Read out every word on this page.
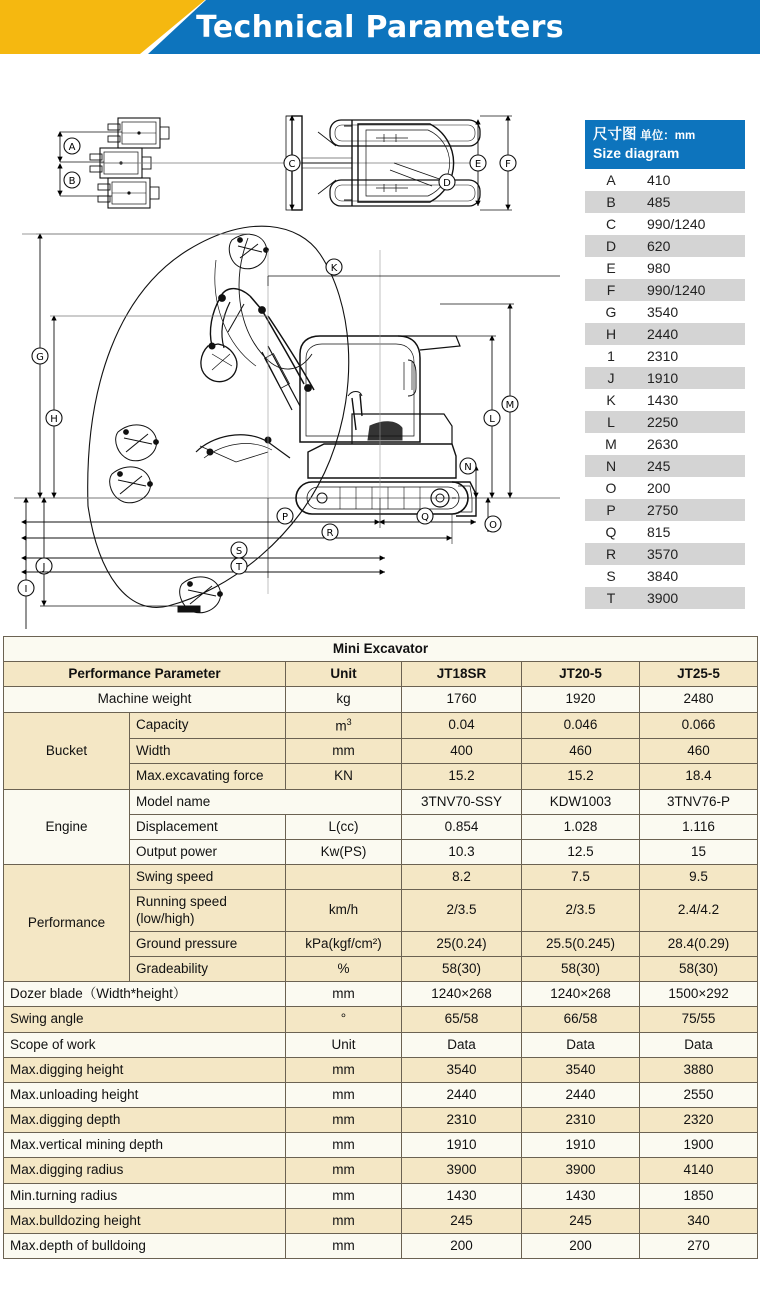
Technical Parameters
A
B
C
D
E F
G
H
I
J
K
L
M
N
O
Q
P
R
S
T
尺寸图 单位：mm
Size diagram	
A	410
B	485
C	990/1240
D	620
E	980
F	990/1240
G	3540
H	2440
1	2310
J	1910
K	1430
L	2250
M	2630
N	245
O	200
P	2750
Q	815
R	3570
S	3840
T	3900
Mini Excavator					
Performance Parameter		Unit	JT18SR	JT20-5	JT25-5
Machine weight		kg	1760	1920	2480
Bucket	Capacity	$m^3$	0.04	0.046	0.066
	Width	mm	400	460	460
	Max.excavating force	KN	15.2	15.2	18.4
Engine	Model name		3TNV70-SSY	KDW1003	3TNV76-P
	Displacement	L(cc)	0.854	1.028	1.116
	Output power	Kw(PS)	10.3	12.5	15
Performance	Swing speed		8.2	7.5	9.5
	Running speed
(low/high)	km/h	2/3.5	2/3.5	2.4/4.2
	Ground pressure	kPa(kgf/cm²)	25(0.24)	25.5(0.245)	28.4(0.29)
	Gradeability	%	58(30)	58(30)	58(30)
Dozer blade（Width*height）		mm	1240×268	1240×268	1500×292
Swing angle		°	65/58	66/58	75/55
Scope of work		Unit	Data	Data	Data
Max.digging height		mm	3540	3540	3880
Max.unloading height		mm	2440	2440	2550
Max.digging depth		mm	2310	2310	2320
Max.vertical mining depth		mm	1910	1910	1900
Max.digging radius		mm	3900	3900	4140
Min.turning radius		mm	1430	1430	1850
Max.bulldozing height		mm	245	245	340
Max.depth of bulldoing		mm	200	200	270
